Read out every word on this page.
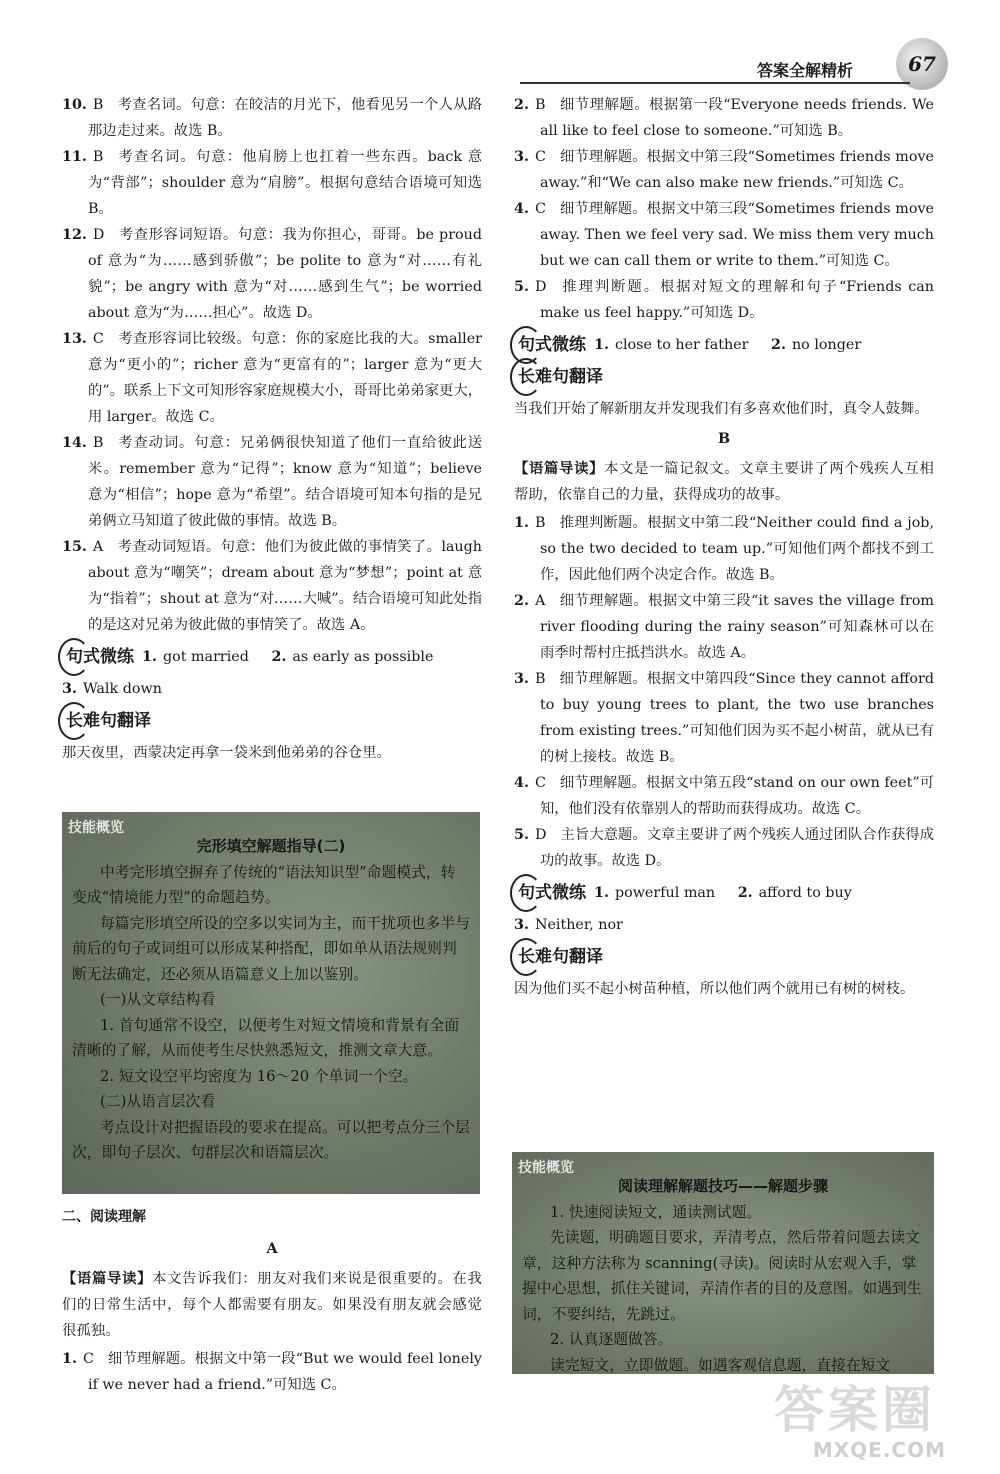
答案全解精析	67

10. B 考查名词。句意：在皎洁的月光下，他看见另一个人从路那边走过来。故选 B。

11. B 考查名词。句意：他肩膀上也扛着一些东西。back 意为“背部”；shoulder 意为“肩膀”。根据句意结合语境可知选 B。

12. D 考查形容词短语。句意：我为你担心，哥哥。be proud of 意为“为……感到骄傲”；be polite to 意为“对……有礼貌”；be angry with 意为“对……感到生气”；be worried about 意为“为……担心”。故选 D。

13. C 考查形容词比较级。句意：你的家庭比我的大。smaller 意为“更小的”；richer 意为“更富有的”；larger 意为“更大的”。联系上下文可知形容家庭规模大小，哥哥比弟弟家更大，用 larger。故选 C。

14. B 考查动词。句意：兄弟俩很快知道了他们一直给彼此送米。remember 意为“记得”；know 意为“知道”；believe 意为“相信”；hope 意为“希望”。结合语境可知本句指的是兄弟俩立马知道了彼此做的事情。故选 B。

15. A 考查动词短语。句意：他们为彼此做的事情笑了。laugh about 意为“嘲笑”；dream about 意为“梦想”；point at 意为“指着”；shout at 意为“对……大喊”。结合语境可知此处指的是这对兄弟为彼此做的事情笑了。故选 A。

句式微练 1. got married 2. as early as possible

3. Walk down

长难句翻译

那天夜里，西蒙决定再拿一袋米到他弟弟的谷仓里。

技能概览
完形填空解题指导(二)

中考完形填空摒弃了传统的“语法知识型”命题模式，转变成“情境能力型”的命题趋势。

每篇完形填空所设的空多以实词为主，而干扰项也多半与前后的句子或词组可以形成某种搭配，即如单从语法规则判断无法确定，还必须从语篇意义上加以鉴别。

(一)从文章结构看

1. 首句通常不设空，以便考生对短文情境和背景有全面清晰的了解，从而使考生尽快熟悉短文，推测文章大意。

2. 短文设空平均密度为 16～20 个单词一个空。

(二)从语言层次看

考点设计对把握语段的要求在提高。可以把考点分三个层次，即句子层次、句群层次和语篇层次。

二、阅读理解
A

【语篇导读】本文告诉我们：朋友对我们来说是很重要的。在我们的日常生活中，每个人都需要有朋友。如果没有朋友就会感觉很孤独。

1. C 细节理解题。根据文中第一段“But we would feel lonely if we never had a friend.”可知选 C。

2. B 细节理解题。根据第一段“Everyone needs friends. We all like to feel close to someone.”可知选 B。

3. C 细节理解题。根据文中第三段“Sometimes friends move away.”和“We can also make new friends.”可知选 C。

4. C 细节理解题。根据文中第三段“Sometimes friends move away. Then we feel very sad. We miss them very much but we can call them or write to them.”可知选 C。

5. D 推理判断题。根据对短文的理解和句子“Friends can make us feel happy.”可知选 D。

句式微练 1. close to her father 2. no longer
长难句翻译

当我们开始了解新朋友并发现我们有多喜欢他们时，真令人鼓舞。

B

【语篇导读】本文是一篇记叙文。文章主要讲了两个残疾人互相帮助，依靠自己的力量，获得成功的故事。

1. B 推理判断题。根据文中第二段“Neither could find a job, so the two decided to team up.”可知他们两个都找不到工作，因此他们两个决定合作。故选 B。

2. A 细节理解题。根据文中第三段“it saves the village from river flooding during the rainy season”可知森林可以在雨季时帮村庄抵挡洪水。故选 A。

3. B 细节理解题。根据文中第四段“Since they cannot afford to buy young trees to plant, the two use branches from existing trees.”可知他们因为买不起小树苗，就从已有的树上接枝。故选 B。

4. C 细节理解题。根据文中第五段“stand on our own feet”可知，他们没有依靠别人的帮助而获得成功。故选 C。

5. D 主旨大意题。文章主要讲了两个残疾人通过团队合作获得成功的故事。故选 D。

句式微练 1. powerful man 2. afford to buy

3. Neither, nor

长难句翻译

因为他们买不起小树苗种植，所以他们两个就用已有树的树枝。

技能概览
阅读理解解题技巧——解题步骤

1. 快速阅读短文，通读测试题。

先读题，明确题目要求，弄清考点，然后带着问题去读文章，这种方法称为 scanning(寻读)。阅读时从宏观入手，掌握中心思想，抓住关键词，弄清作者的目的及意图。如遇到生词，不要纠结，先跳过。

2. 认真逐题做答。

读完短文，立即做题。如遇客观信息题，直接在短文

答案圈
MXQE.COM
